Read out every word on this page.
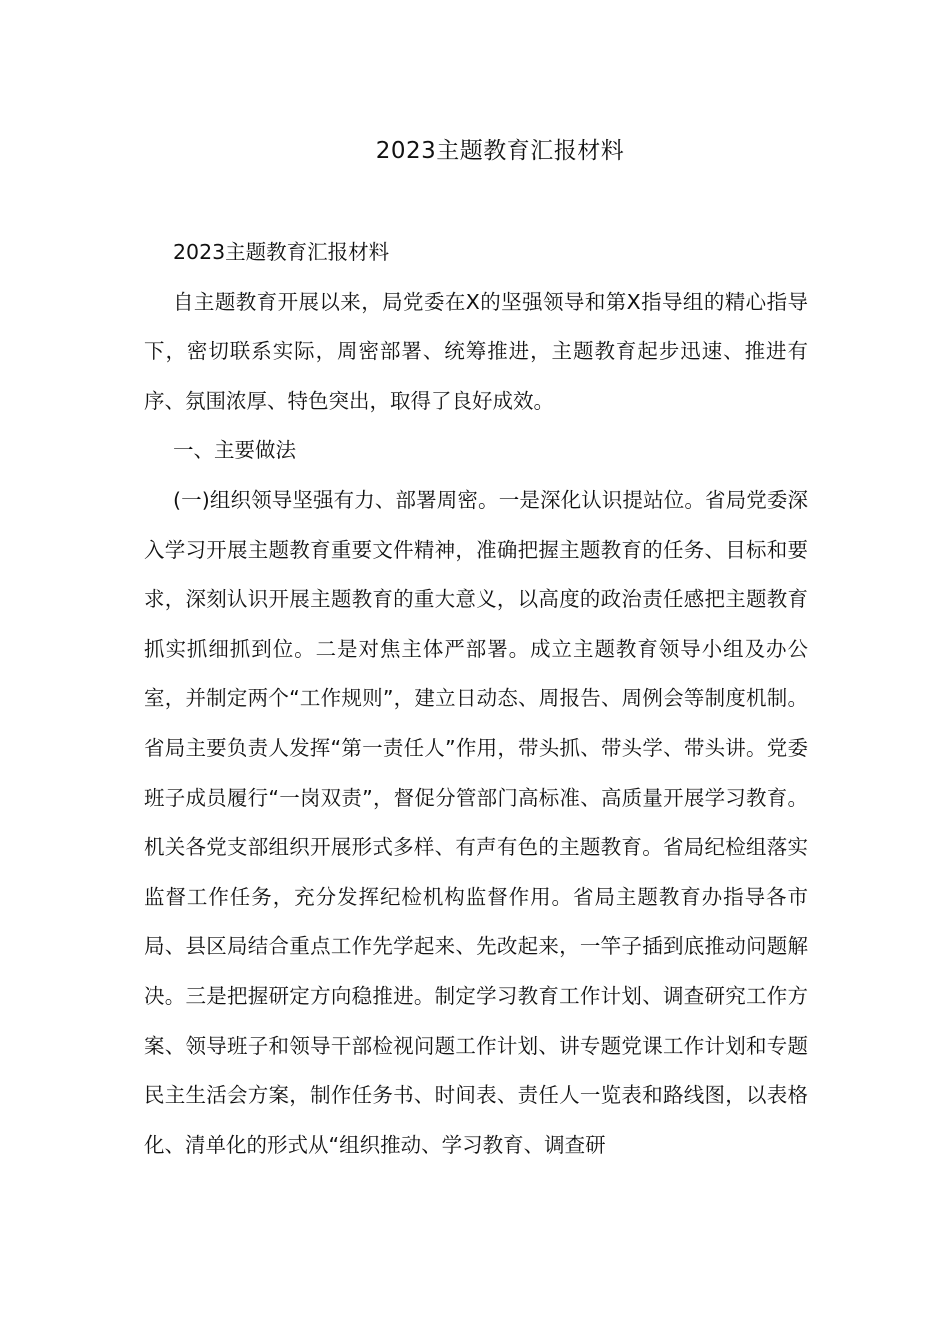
2023主题教育汇报材料

2023主题教育汇报材料

自主题教育开展以来，局党委在X的坚强领导和第X指导组的精心指导下，密切联系实际，周密部署、统筹推进，主题教育起步迅速、推进有序、氛围浓厚、特色突出，取得了良好成效。

一、主要做法

(一)组织领导坚强有力、部署周密。一是深化认识提站位。省局党委深入学习开展主题教育重要文件精神，准确把握主题教育的任务、目标和要求，深刻认识开展主题教育的重大意义，以高度的政治责任感把主题教育抓实抓细抓到位。二是对焦主体严部署。成立主题教育领导小组及办公室，并制定两个“工作规则”，建立日动态、周报告、周例会等制度机制。省局主要负责人发挥“第一责任人”作用，带头抓、带头学、带头讲。党委班子成员履行“一岗双责”，督促分管部门高标准、高质量开展学习教育。机关各党支部组织开展形式多样、有声有色的主题教育。省局纪检组落实监督工作任务，充分发挥纪检机构监督作用。省局主题教育办指导各市局、县区局结合重点工作先学起来、先改起来，一竿子插到底推动问题解决。三是把握研定方向稳推进。制定学习教育工作计划、调查研究工作方案、领导班子和领导干部检视问题工作计划、讲专题党课工作计划和专题民主生活会方案，制作任务书、时间表、责任人一览表和路线图，以表格化、清单化的形式从“组织推动、学习教育、调查研
